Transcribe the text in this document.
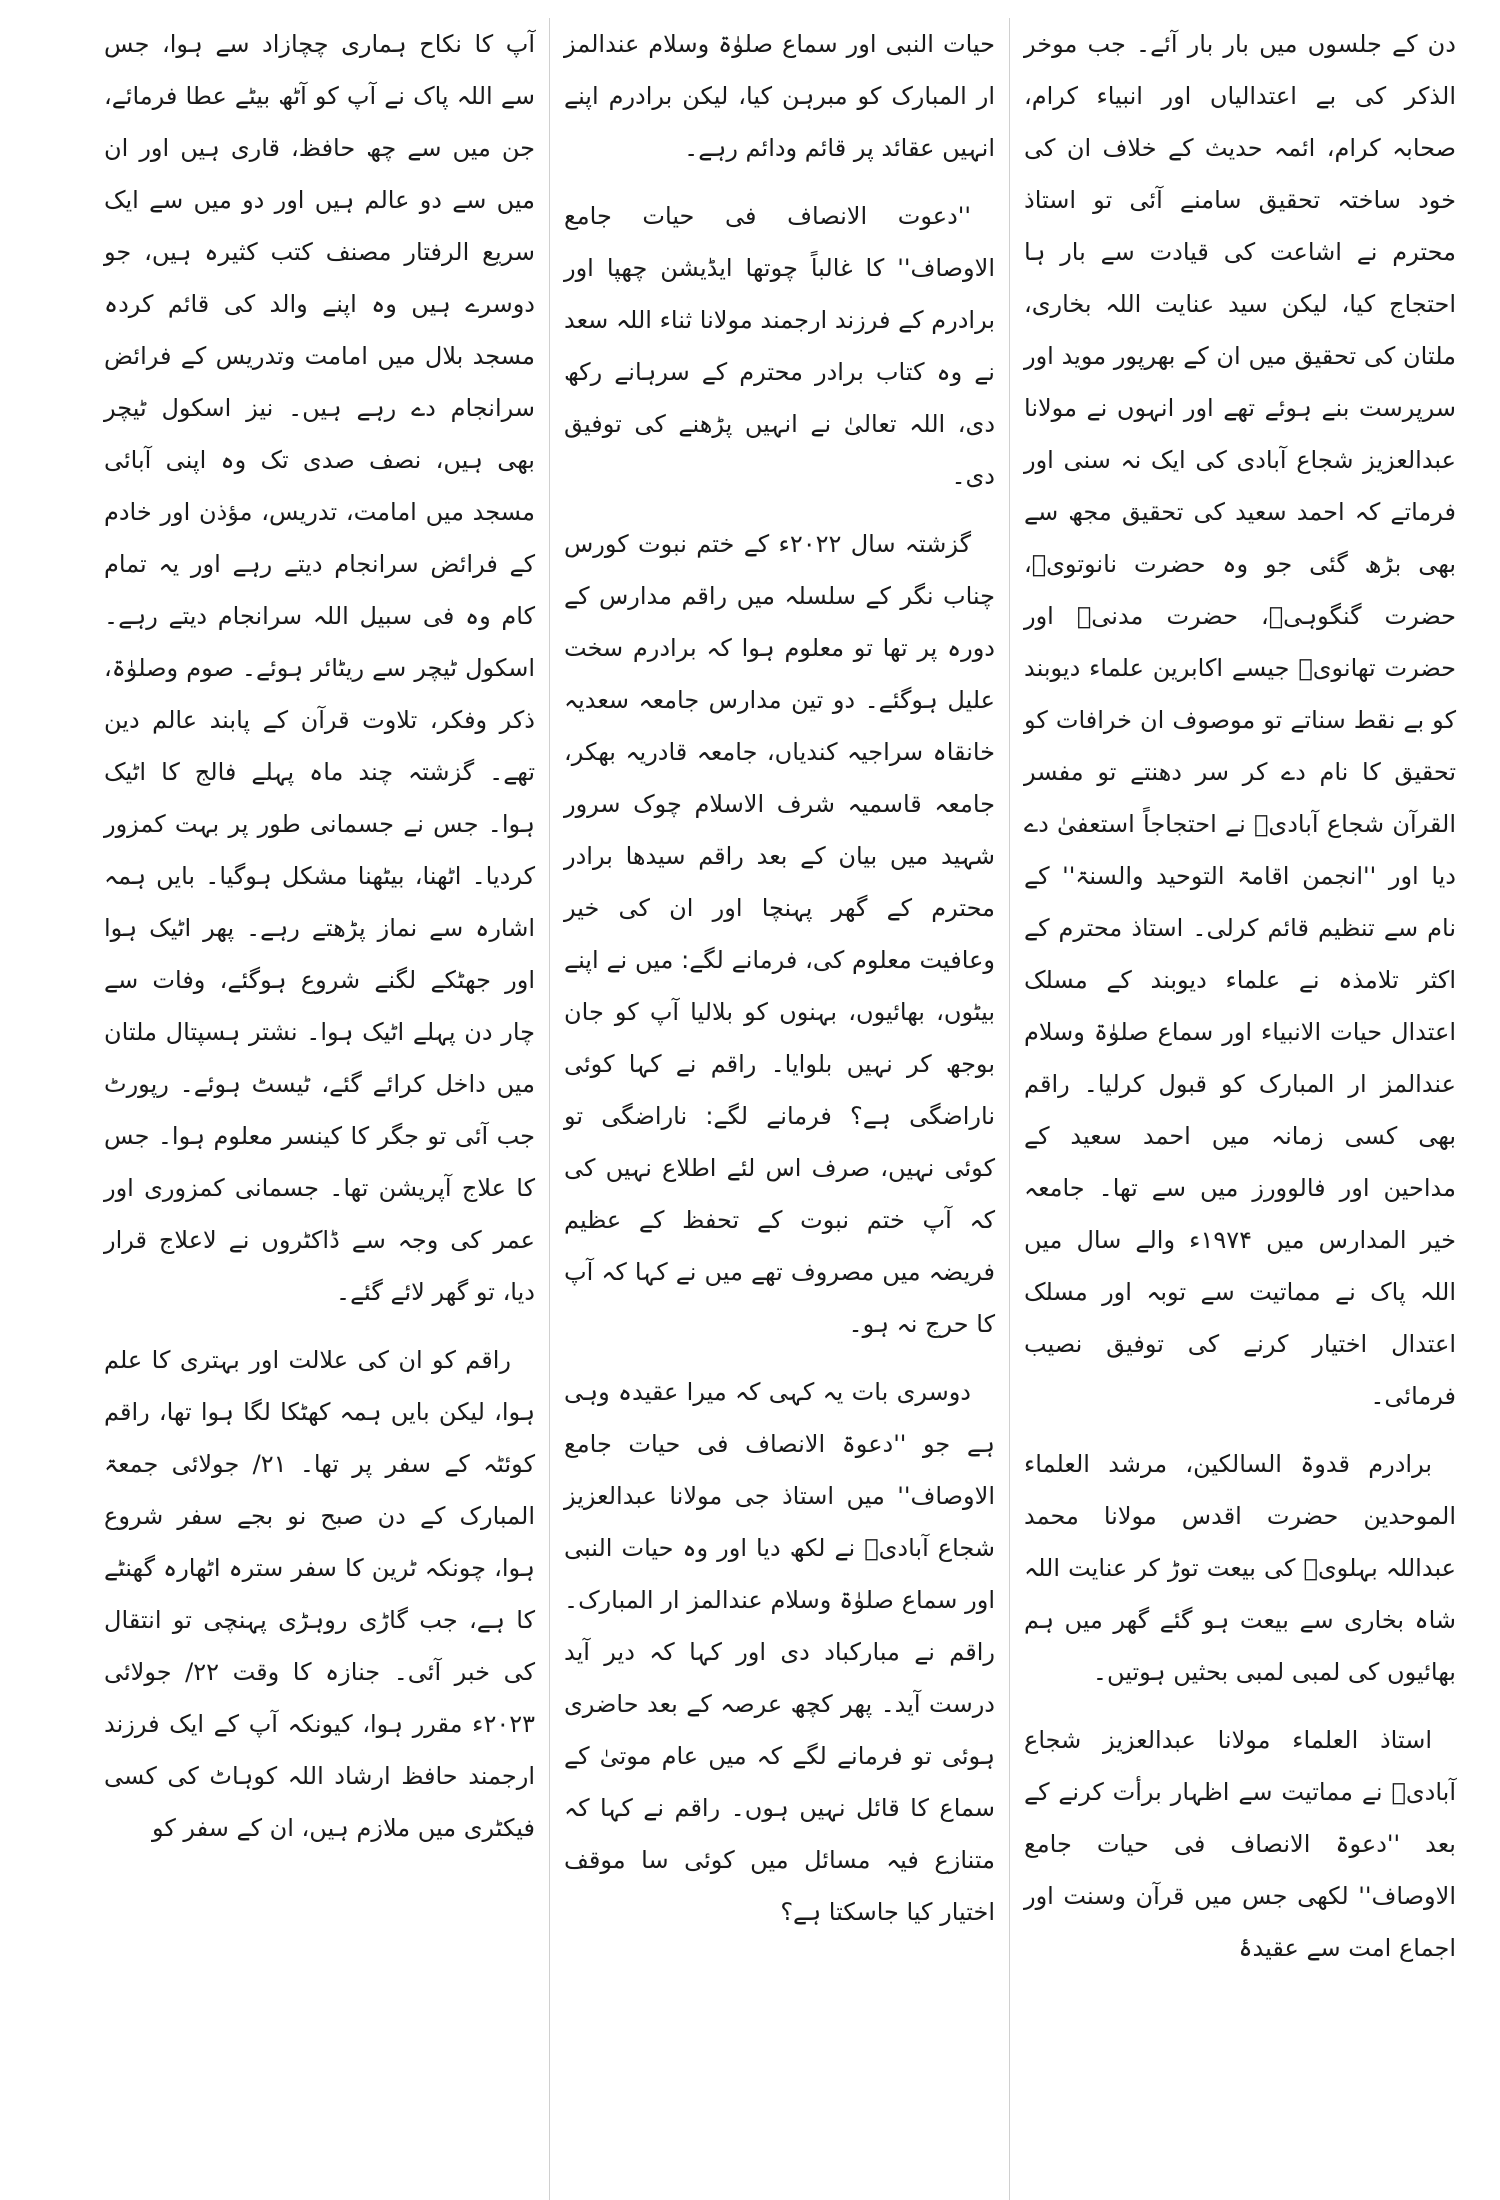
دن کے جلسوں میں بار بار آئے۔ جب موخر الذکر کی بے اعتدالیاں اور انبیاء کرام، صحابہ کرام، ائمہ حدیث کے خلاف ان کی خود ساختہ تحقیق سامنے آئی تو استاذ محترم نے اشاعت کی قیادت سے بار ہا احتجاج کیا، لیکن سید عنایت اللہ بخاری، ملتان کی تحقیق میں ان کے بھرپور موید اور سرپرست بنے ہوئے تھے اور انہوں نے مولانا عبدالعزیز شجاع آبادی کی ایک نہ سنی اور فرماتے کہ احمد سعید کی تحقیق مجھ سے بھی بڑھ گئی جو وہ حضرت نانوتویؒ، حضرت گنگوہیؒ، حضرت مدنیؒ اور حضرت تھانویؒ جیسے اکابرین علماء دیوبند کو بے نقط سناتے تو موصوف ان خرافات کو تحقیق کا نام دے کر سر دھنتے تو مفسر القرآن شجاع آبادیؒ نے احتجاجاً استعفیٰ دے دیا اور ''انجمن اقامۃ التوحید والسنۃ'' کے نام سے تنظیم قائم کرلی۔ استاذ محترم کے اکثر تلامذہ نے علماء دیوبند کے مسلک اعتدال حیات الانبیاء اور سماع صلوٰۃ وسلام عندالمز ار المبارک کو قبول کرلیا۔ راقم بھی کسی زمانہ میں احمد سعید کے مداحین اور فالوورز میں سے تھا۔ جامعہ خیر المدارس میں ۱۹۷۴ء والے سال میں اللہ پاک نے مماتیت سے توبہ اور مسلک اعتدال اختیار کرنے کی توفیق نصیب فرمائی۔

برادرم قدوۃ السالکین، مرشد العلماء الموحدین حضرت اقدس مولانا محمد عبداللہ بہلویؒ کی بیعت توڑ کر عنایت اللہ شاہ بخاری سے بیعت ہو گئے گھر میں ہم بھائیوں کی لمبی لمبی بحثیں ہوتیں۔

استاذ العلماء مولانا عبدالعزیز شجاع آبادیؒ نے مماتیت سے اظہار برأت کرنے کے بعد ''دعوۃ الانصاف فی حیات جامع الاوصاف'' لکھی جس میں قرآن وسنت اور اجماع امت سے عقیدۂ

حیات النبی اور سماع صلوٰۃ وسلام عندالمز ار المبارک کو مبرہن کیا، لیکن برادرم اپنے انہیں عقائد پر قائم ودائم رہے۔

''دعوت الانصاف فی حیات جامع الاوصاف'' کا غالباً چوتھا ایڈیشن چھپا اور برادرم کے فرزند ارجمند مولانا ثناء اللہ سعد نے وہ کتاب برادر محترم کے سرہانے رکھ دی، اللہ تعالیٰ نے انہیں پڑھنے کی توفیق دی۔

گزشتہ سال ۲۰۲۲ء کے ختم نبوت کورس چناب نگر کے سلسلہ میں راقم مدارس کے دورہ پر تھا تو معلوم ہوا کہ برادرم سخت علیل ہوگئے۔ دو تین مدارس جامعہ سعدیہ خانقاہ سراجیہ کندیاں، جامعہ قادریہ بھکر، جامعہ قاسمیہ شرف الاسلام چوک سرور شہید میں بیان کے بعد راقم سیدھا برادر محترم کے گھر پہنچا اور ان کی خیر وعافیت معلوم کی، فرمانے لگے: میں نے اپنے بیٹوں، بھائیوں، بہنوں کو بلالیا آپ کو جان بوجھ کر نہیں بلوایا۔ راقم نے کہا کوئی ناراضگی ہے؟ فرمانے لگے: ناراضگی تو کوئی نہیں، صرف اس لئے اطلاع نہیں کی کہ آپ ختم نبوت کے تحفظ کے عظیم فریضہ میں مصروف تھے میں نے کہا کہ آپ کا حرج نہ ہو۔

دوسری بات یہ کہی کہ میرا عقیدہ وہی ہے جو ''دعوۃ الانصاف فی حیات جامع الاوصاف'' میں استاذ جی مولانا عبدالعزیز شجاع آبادیؒ نے لکھ دیا اور وہ حیات النبی اور سماع صلوٰۃ وسلام عندالمز ار المبارک۔ راقم نے مبارکباد دی اور کہا کہ دیر آید درست آید۔ پھر کچھ عرصہ کے بعد حاضری ہوئی تو فرمانے لگے کہ میں عام موتیٰ کے سماع کا قائل نہیں ہوں۔ راقم نے کہا کہ متنازع فیہ مسائل میں کوئی سا موقف اختیار کیا جاسکتا ہے؟

آپ کا نکاح ہماری چچازاد سے ہوا، جس سے اللہ پاک نے آپ کو آٹھ بیٹے عطا فرمائے، جن میں سے چھ حافظ، قاری ہیں اور ان میں سے دو عالم ہیں اور دو میں سے ایک سریع الرفتار مصنف کتب کثیرہ ہیں، جو دوسرے ہیں وہ اپنے والد کی قائم کردہ مسجد بلال میں امامت وتدریس کے فرائض سرانجام دے رہے ہیں۔ نیز اسکول ٹیچر بھی ہیں، نصف صدی تک وہ اپنی آبائی مسجد میں امامت، تدریس، مؤذن اور خادم کے فرائض سرانجام دیتے رہے اور یہ تمام کام وہ فی سبیل اللہ سرانجام دیتے رہے۔ اسکول ٹیچر سے ریٹائر ہوئے۔ صوم وصلوٰۃ، ذکر وفکر، تلاوت قرآن کے پابند عالم دین تھے۔ گزشتہ چند ماہ پہلے فالج کا اٹیک ہوا۔ جس نے جسمانی طور پر بہت کمزور کردیا۔ اٹھنا، بیٹھنا مشکل ہوگیا۔ بایں ہمہ اشارہ سے نماز پڑھتے رہے۔ پھر اٹیک ہوا اور جھٹکے لگنے شروع ہوگئے، وفات سے چار دن پہلے اٹیک ہوا۔ نشتر ہسپتال ملتان میں داخل کرائے گئے، ٹیسٹ ہوئے۔ رپورٹ جب آئی تو جگر کا کینسر معلوم ہوا۔ جس کا علاج آپریشن تھا۔ جسمانی کمزوری اور عمر کی وجہ سے ڈاکٹروں نے لاعلاج قرار دیا، تو گھر لائے گئے۔

راقم کو ان کی علالت اور بہتری کا علم ہوا، لیکن بایں ہمہ کھٹکا لگا ہوا تھا، راقم کوئٹہ کے سفر پر تھا۔ ۲۱/ جولائی جمعۃ المبارک کے دن صبح نو بجے سفر شروع ہوا، چونکہ ٹرین کا سفر سترہ اٹھارہ گھنٹے کا ہے، جب گاڑی روہڑی پہنچی تو انتقال کی خبر آئی۔ جنازہ کا وقت ۲۲/ جولائی ۲۰۲۳ء مقرر ہوا، کیونکہ آپ کے ایک فرزند ارجمند حافظ ارشاد اللہ کوہاٹ کی کسی فیکٹری میں ملازم ہیں، ان کے سفر کو
